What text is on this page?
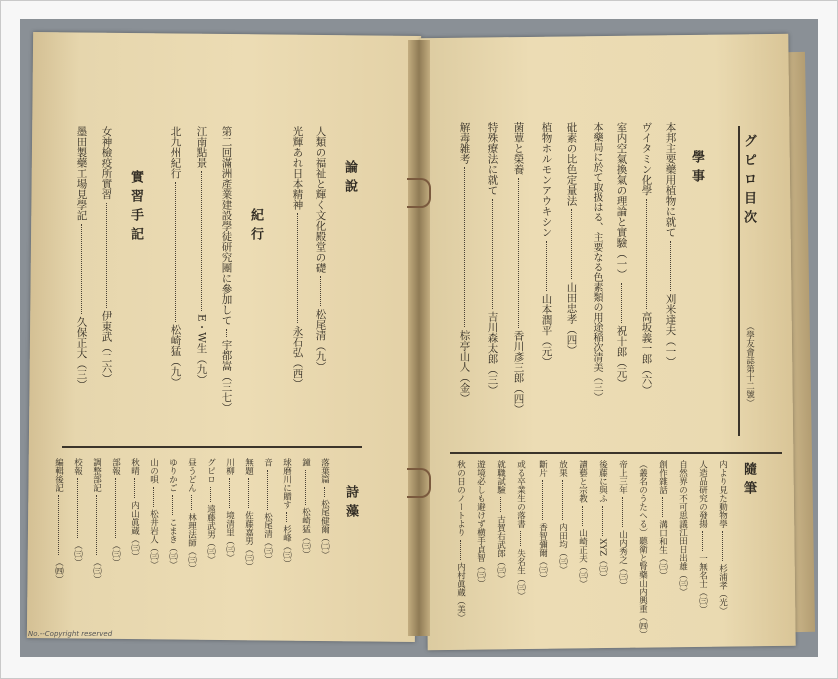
グピロ目次
（學友會誌第十二號）
學事
本邦主要藥用植物に就て刈米達夫（一）
ヴイタミン化學高坂義一郎（六）
室内空氣換氣の理論と實驗（一）祝十郎（元）
本藥局に於て取扱はる、主要なる色素類の用途稲次清美（三）
砒素の比色定量法山田忠孝（四）
植物ホルモンアウキシン山本潤平（元）
菌蕈と榮養香川彥三郎（四）
特殊療法に就て吉川森太郎（三）
解毒雑考棕亭山人（金）
隨筆
内より見た動物學杉浦孝（光）
人造品研究の發揚一無名士（㈢）
自然界の不可思議江田日出雄（㈢）
創作雜話溝口和生（㈢）
（叢名のうたへる）聽衛と腎藥山内興重（㈣）
帝上三年山内秀之（㈢）
後藤に與ふXYZ（㈢）
讀藝と宗教山崎正夫（㈢）
放果内田均（㈢）
斷片香智彌爾（㈢）
或る卒業生の落書失名生（㈢）
就職試驗古賀右武郎（㈢）
遊境必しも避けず横手貞智（㈢）
秋の日のノートより内村眞蔵（美）
論說
人類の福祉と輝く文化殿堂の礎松尾清（九）
光輝あれ日本精神永石弘（西）
紀行
第二回滿洲產業建設學徒研究團に參加して宇都嵩（三七）
江南點景E・W生（九）
北九州紀行松崎猛（九）
實習手記
女神檢疫所實習伊東武（二六）
墨田製藥工場見學記久保正大（三）
詩藻
落葉篇松尾健爾（㈡）
鐘松崎猛（㈢）
球磨川に贈す杉峰（㈢）
音松尾清（㈢）
無題佐藤嘉男（㈢）
川柳境清里（㈢）
グピロ遠藤武男（㈢）
昼うどん林理法師（㈢）
ゆりかごこまき（㈢）
山の唄松井岩人（㈢）
秋晴内山眞蔵（㈢）
部報（㈢）
調整部記（㈢）
校報（㈢）
編輯後記（㈣）
No.--Copyright reserved
